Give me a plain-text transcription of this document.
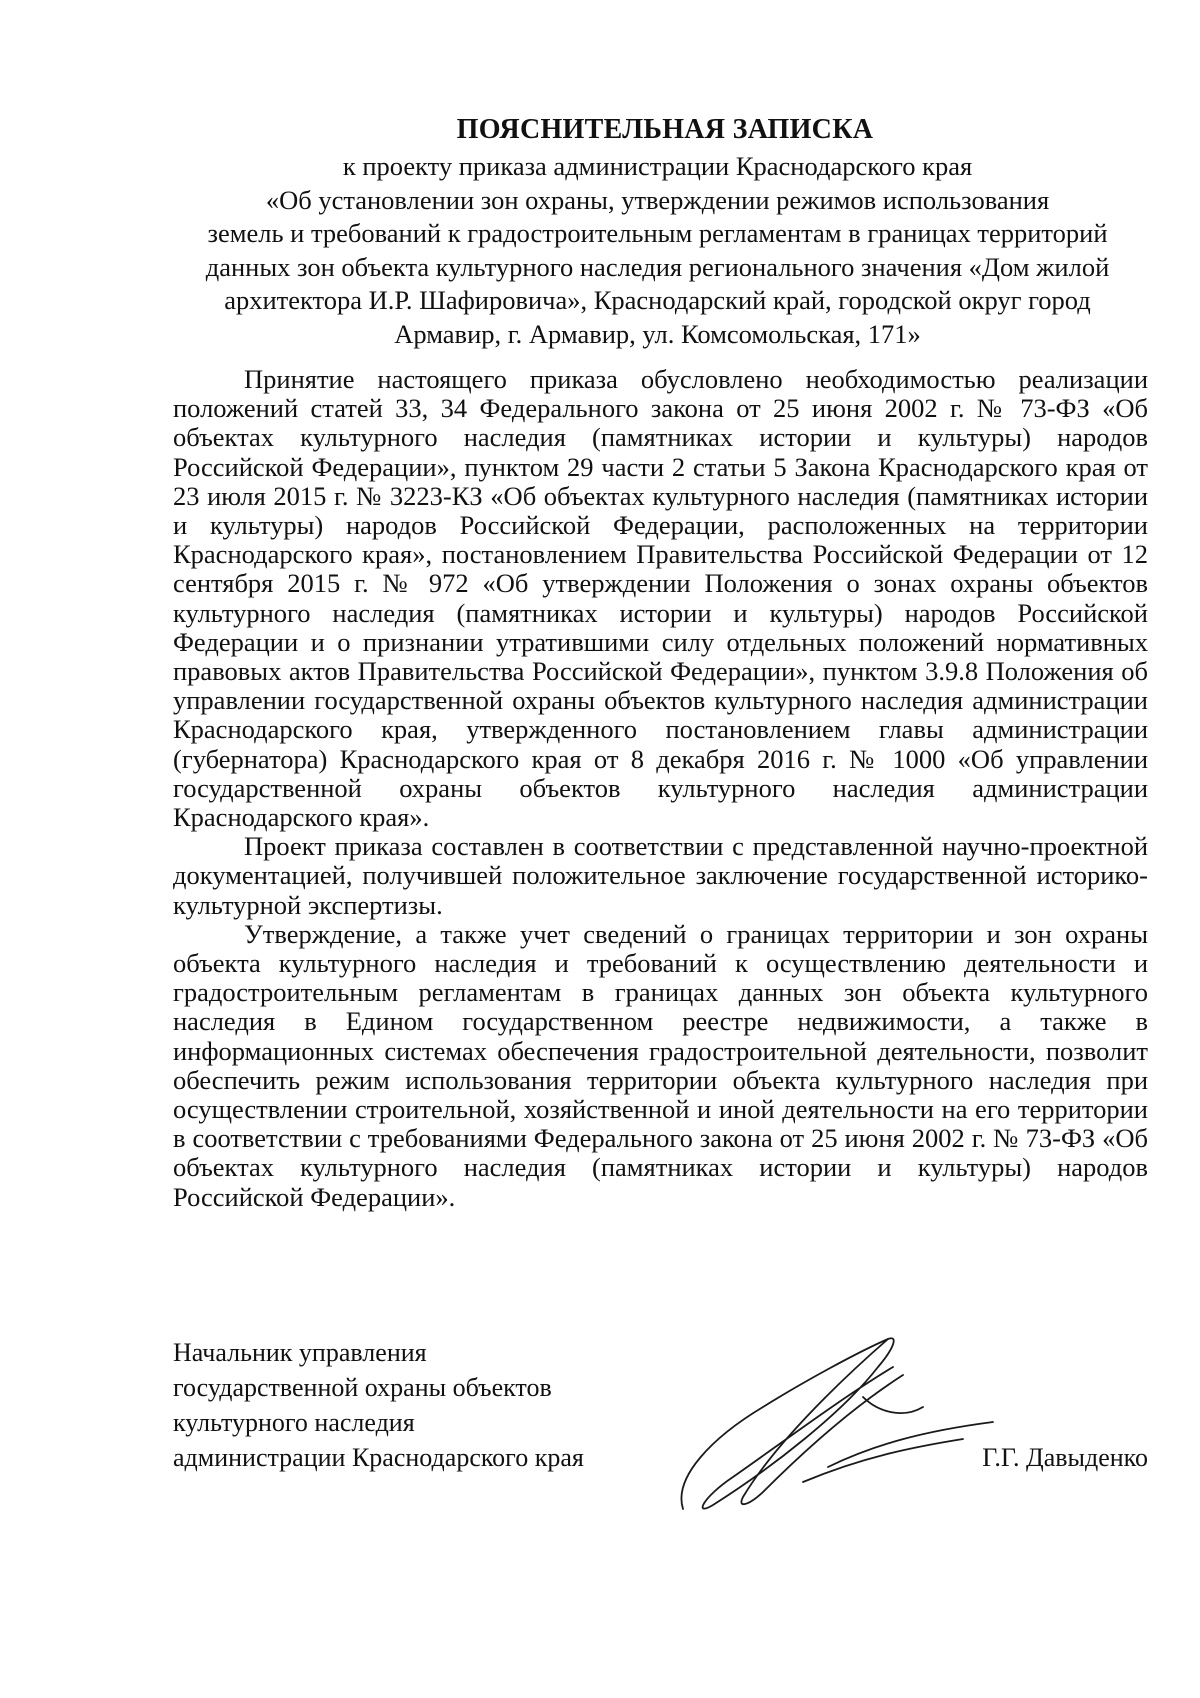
ПОЯСНИТЕЛЬНАЯ ЗАПИСКА
к проекту приказа администрации Краснодарского края
«Об установлении зон охраны, утверждении режимов использования
земель и требований к градостроительным регламентам в границах территорий
данных зон объекта культурного наследия регионального значения «Дом жилой
архитектора И.Р. Шафировича», Краснодарский край, городской округ город
Армавир, г. Армавир, ул. Комсомольская, 171»

Принятие настоящего приказа обусловлено необходимостью реализации положений статей 33, 34 Федерального закона от 25 июня 2002 г. № 73-ФЗ «Об объектах культурного наследия (памятниках истории и культуры) народов Российской Федерации», пунктом 29 части 2 статьи 5 Закона Краснодарского края от 23 июля 2015 г. № 3223-КЗ «Об объектах культурного наследия (памятниках истории и культуры) народов Российской Федерации, расположенных на территории Краснодарского края», постановлением Правительства Российской Федерации от 12 сентября 2015 г. № 972 «Об утверждении Положения о зонах охраны объектов культурного наследия (памятниках истории и культуры) народов Российской Федерации и о признании утратившими силу отдельных положений нормативных правовых актов Правительства Российской Федерации», пунктом 3.9.8 Положения об управлении государственной охраны объектов культурного наследия администрации Краснодарского края, утвержденного постановлением главы администрации (губернатора) Краснодарского края от 8 декабря 2016 г. № 1000 «Об управлении государственной охраны объектов культурного наследия администрации Краснодарского края».

Проект приказа составлен в соответствии с представленной научно-проектной документацией, получившей положительное заключение государственной историко-культурной экспертизы.

Утверждение, а также учет сведений о границах территории и зон охраны объекта культурного наследия и требований к осуществлению деятельности и градостроительным регламентам в границах данных зон объекта культурного наследия в Едином государственном реестре недвижимости, а также в информационных системах обеспечения градостроительной деятельности, позволит обеспечить режим использования территории объекта культурного наследия при осуществлении строительной, хозяйственной и иной деятельности на его территории в соответствии с требованиями Федерального закона от 25 июня 2002 г. № 73-ФЗ «Об объектах культурного наследия (памятниках истории и культуры) народов Российской Федерации».

Начальник управления
государственной охраны объектов
культурного наследия
администрации Краснодарского края	Г.Г. Давыденко
